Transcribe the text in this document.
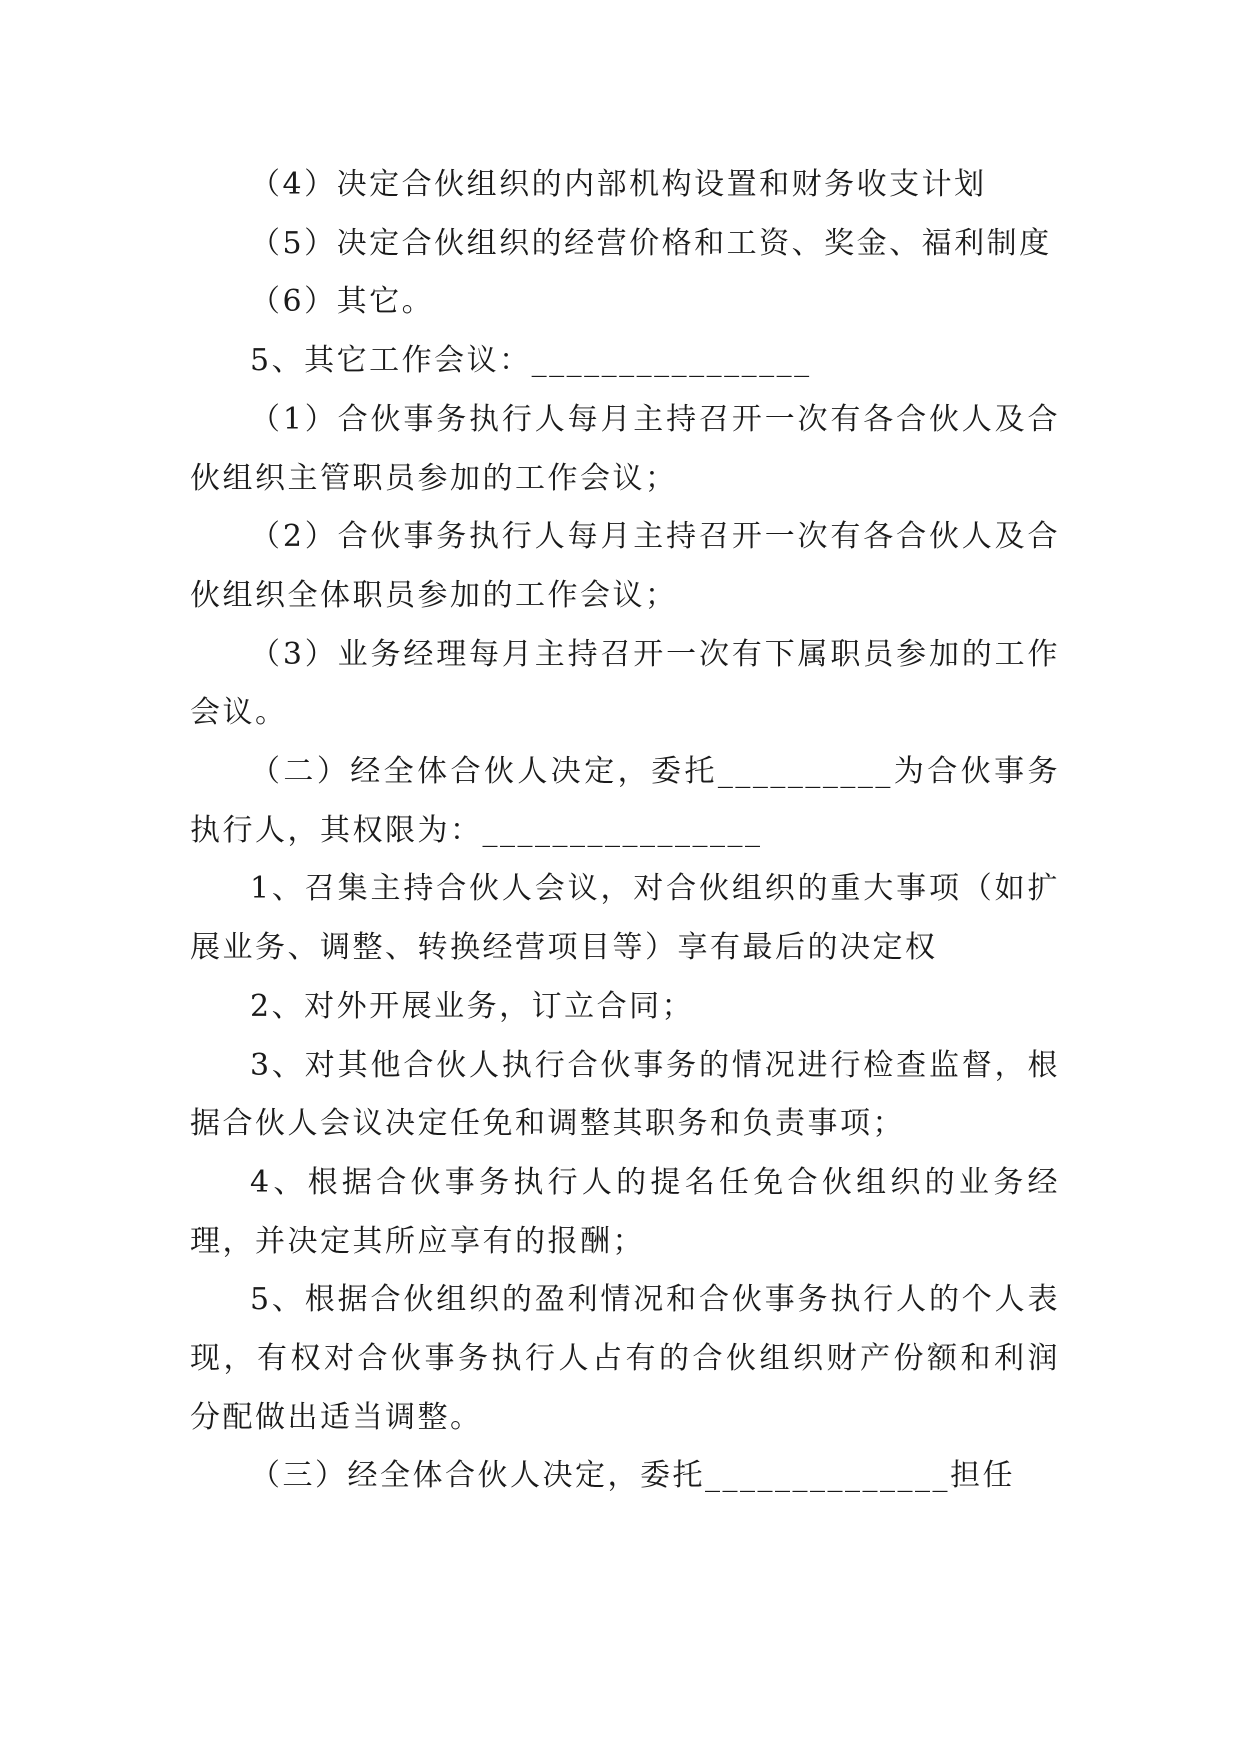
（4）决定合伙组织的内部机构设置和财务收支计划

（5）决定合伙组织的经营价格和工资、奖金、福利制度

（6）其它。

5、其它工作会议：________________

（1）合伙事务执行人每月主持召开一次有各合伙人及合伙组织主管职员参加的工作会议；

（2）合伙事务执行人每月主持召开一次有各合伙人及合伙组织全体职员参加的工作会议；

（3）业务经理每月主持召开一次有下属职员参加的工作会议。

（二）经全体合伙人决定，委托__________为合伙事务执行人，其权限为：________________

1、召集主持合伙人会议，对合伙组织的重大事项（如扩展业务、调整、转换经营项目等）享有最后的决定权

2、对外开展业务，订立合同；

3、对其他合伙人执行合伙事务的情况进行检查监督，根据合伙人会议决定任免和调整其职务和负责事项；

4、根据合伙事务执行人的提名任免合伙组织的业务经理，并决定其所应享有的报酬；

5、根据合伙组织的盈利情况和合伙事务执行人的个人表现，有权对合伙事务执行人占有的合伙组织财产份额和利润分配做出适当调整。

（三）经全体合伙人决定，委托______________担任
